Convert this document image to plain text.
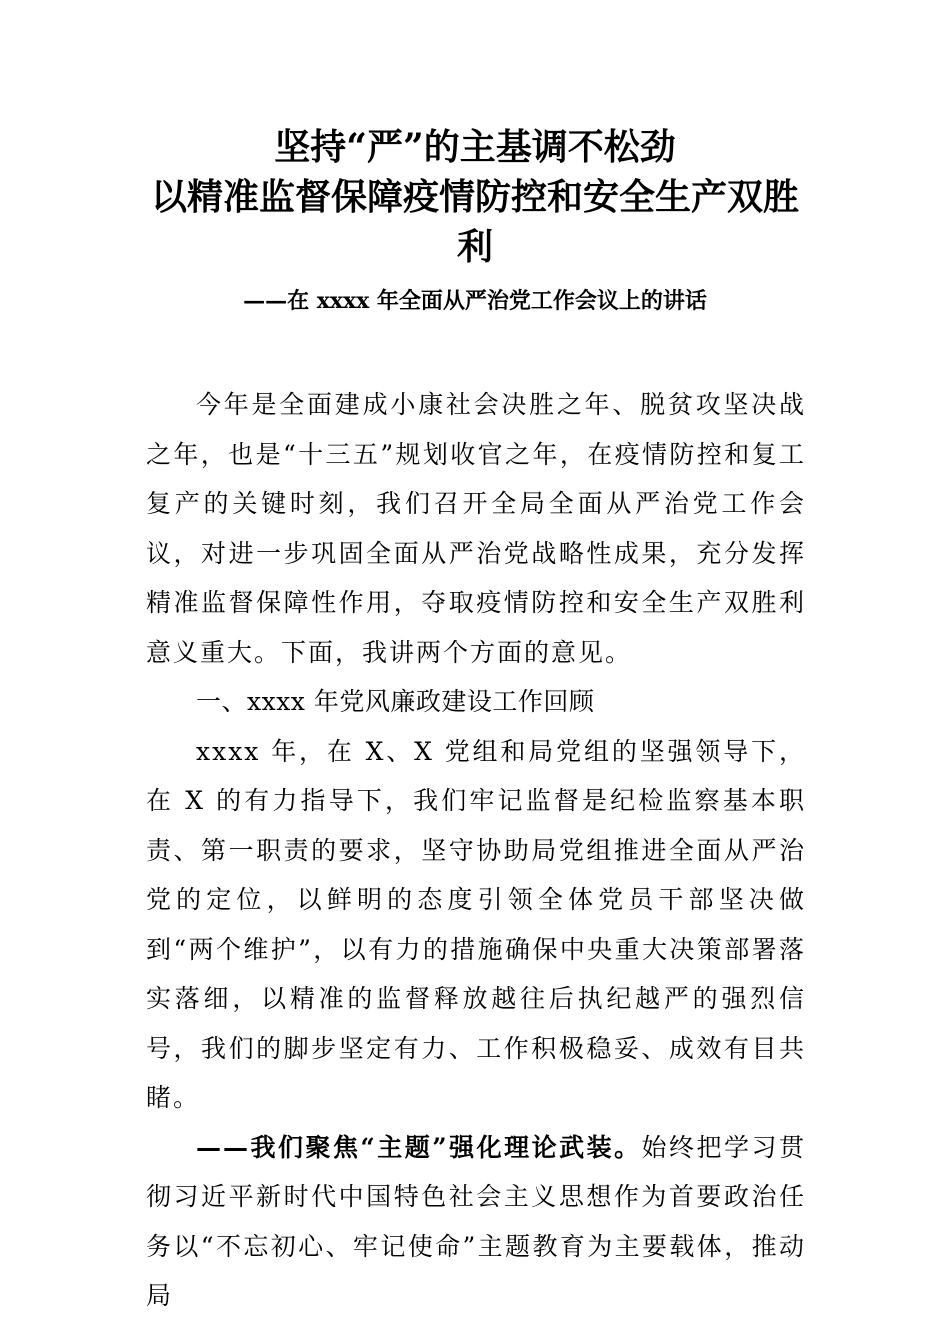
坚持“严”的主基调不松劲
以精准监督保障疫情防控和安全生产双胜
利
——在 xxxx 年全面从严治党工作会议上的讲话

今年是全面建成小康社会决胜之年、脱贫攻坚决战之年，也是“十三五”规划收官之年，在疫情防控和复工复产的关键时刻，我们召开全局全面从严治党工作会议，对进一步巩固全面从严治党战略性成果，充分发挥精准监督保障性作用，夺取疫情防控和安全生产双胜利意义重大。下面，我讲两个方面的意见。

一、xxxx 年党风廉政建设工作回顾

xxxx 年，在 X、X 党组和局党组的坚强领导下，在 X 的有力指导下，我们牢记监督是纪检监察基本职责、第一职责的要求，坚守协助局党组推进全面从严治党的定位，以鲜明的态度引领全体党员干部坚决做到“两个维护”，以有力的措施确保中央重大决策部署落实落细，以精准的监督释放越往后执纪越严的强烈信号，我们的脚步坚定有力、工作积极稳妥、成效有目共睹。

——我们聚焦“主题”强化理论武装。始终把学习贯彻习近平新时代中国特色社会主义思想作为首要政治任务以“不忘初心、牢记使命”主题教育为主要载体，推动局
